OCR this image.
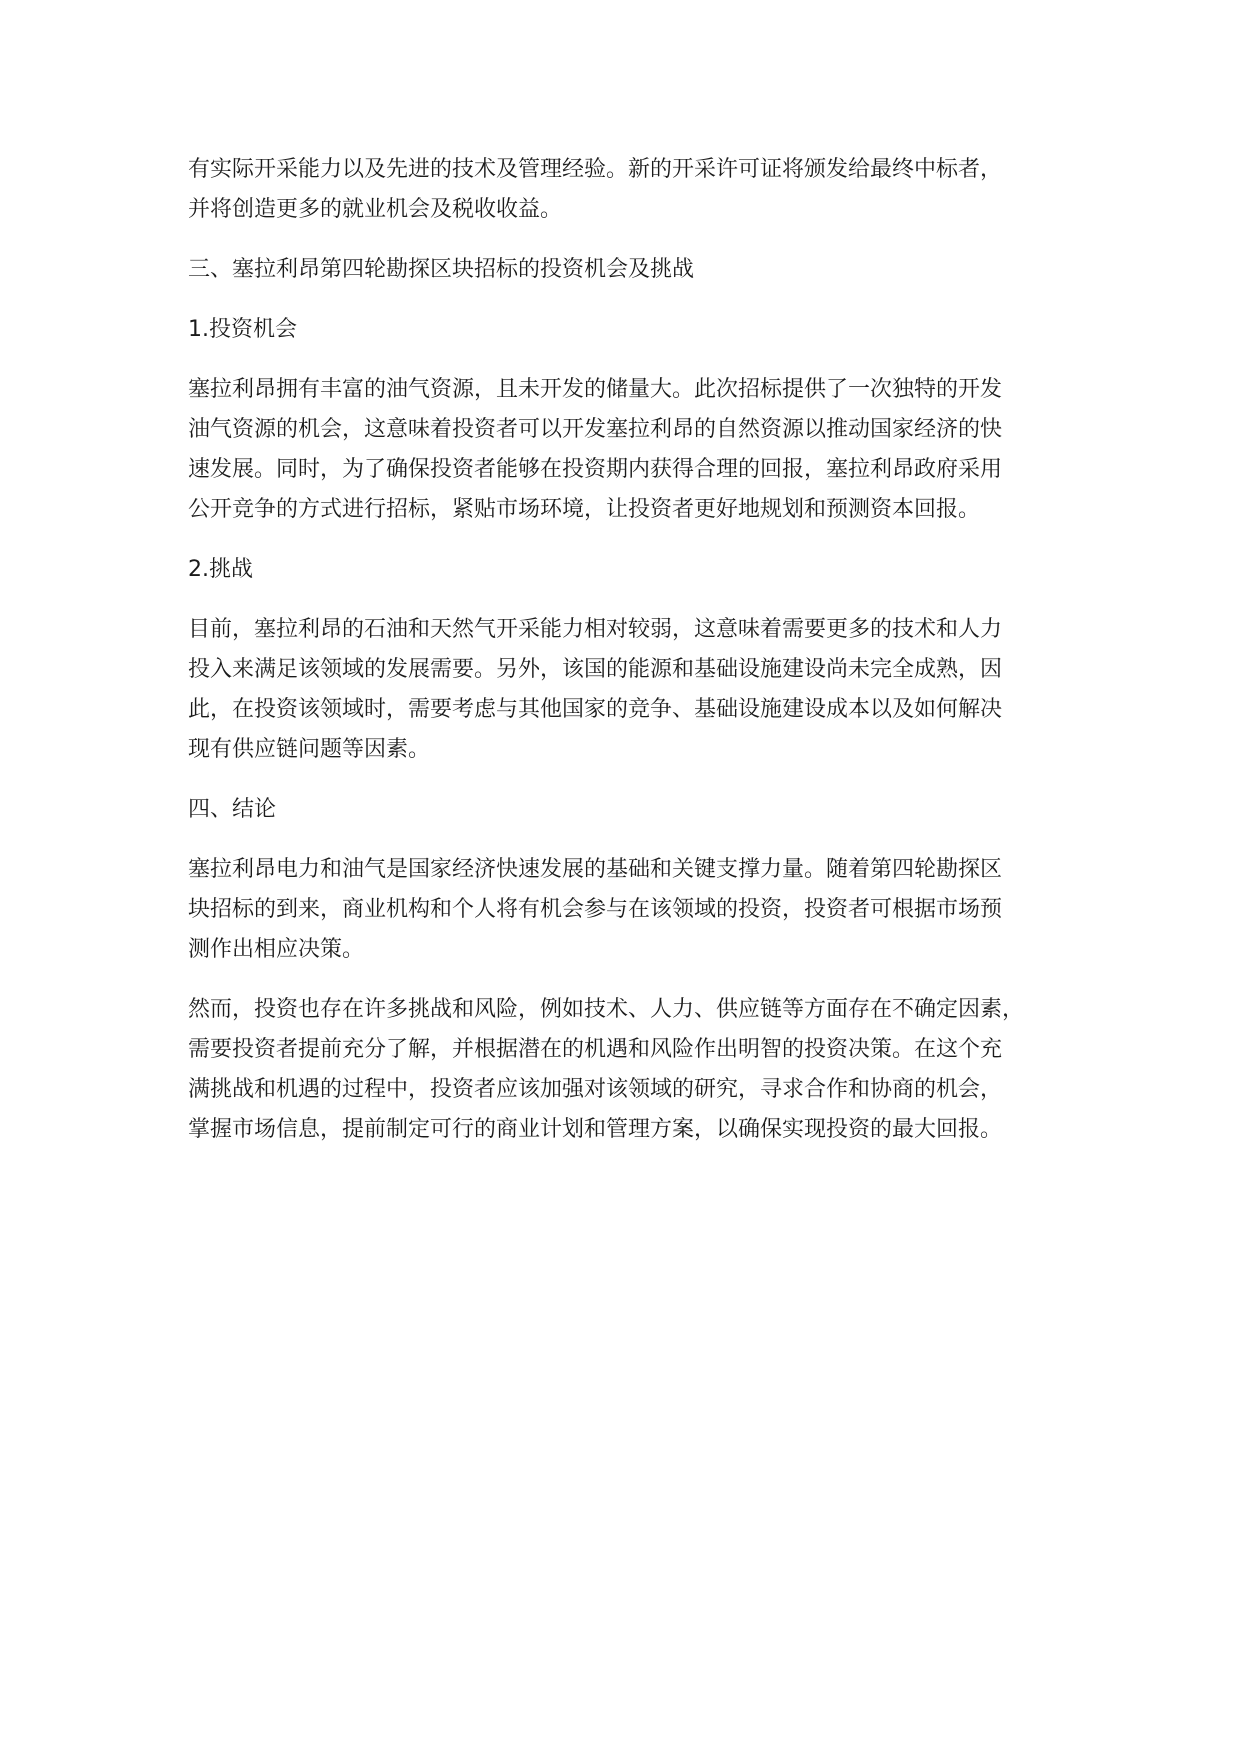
有实际开采能力以及先进的技术及管理经验。新的开采许可证将颁发给最终中标者，
并将创造更多的就业机会及税收收益。
三、塞拉利昂第四轮勘探区块招标的投资机会及挑战
1.投资机会
塞拉利昂拥有丰富的油气资源，且未开发的储量大。此次招标提供了一次独特的开发
油气资源的机会，这意味着投资者可以开发塞拉利昂的自然资源以推动国家经济的快
速发展。同时，为了确保投资者能够在投资期内获得合理的回报，塞拉利昂政府采用
公开竞争的方式进行招标，紧贴市场环境，让投资者更好地规划和预测资本回报。
2.挑战
目前，塞拉利昂的石油和天然气开采能力相对较弱，这意味着需要更多的技术和人力
投入来满足该领域的发展需要。另外，该国的能源和基础设施建设尚未完全成熟，因
此，在投资该领域时，需要考虑与其他国家的竞争、基础设施建设成本以及如何解决
现有供应链问题等因素。
四、结论
塞拉利昂电力和油气是国家经济快速发展的基础和关键支撑力量。随着第四轮勘探区
块招标的到来，商业机构和个人将有机会参与在该领域的投资，投资者可根据市场预
测作出相应决策。
然而，投资也存在许多挑战和风险，例如技术、人力、供应链等方面存在不确定因素，
需要投资者提前充分了解，并根据潜在的机遇和风险作出明智的投资决策。在这个充
满挑战和机遇的过程中，投资者应该加强对该领域的研究，寻求合作和协商的机会，
掌握市场信息，提前制定可行的商业计划和管理方案，以确保实现投资的最大回报。
